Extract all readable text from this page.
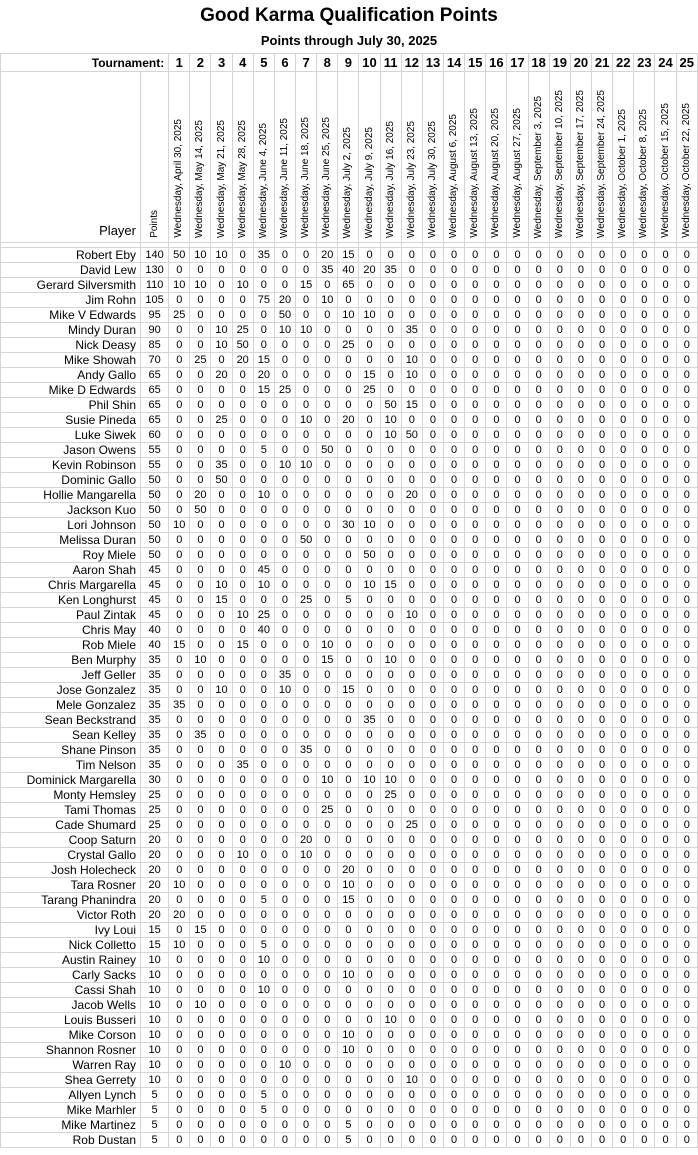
Good Karma Qualification Points
Points through July 30, 2025
Tournament:		1	2	3	4	5	6	7	8	9	10	11	12	13	14	15	16	17	18	19	20	21	22	23	24	25

Player	Points	Wednesday, April 30, 2025	Wednesday, May 14, 2025	Wednesday, May 21, 2025	Wednesday, May 28, 2025	Wednesday, June 4, 2025	Wednesday, June 11, 2025	Wednesday, June 18, 2025	Wednesday, June 25, 2025	Wednesday, July 2, 2025	Wednesday, July 9, 2025	Wednesday, July 16, 2025	Wednesday, July 23, 2025	Wednesday, July 30, 2025	Wednesday, August 6, 2025	Wednesday, August 13, 2025	Wednesday, August 20, 2025	Wednesday, August 27, 2025	Wednesday, September 3, 2025	Wednesday, September 10, 2025	Wednesday, September 17, 2025	Wednesday, September 24, 2025	Wednesday, October 1, 2025	Wednesday, October 8, 2025	Wednesday, October 15, 2025	Wednesday, October 22, 2025

Robert Eby	140	50	10	10	0	35	0	0	20	15	0	0	0	0	0	0	0	0	0	0	0	0	0	0	0	0
David Lew	130	0	0	0	0	0	0	0	35	40	20	35	0	0	0	0	0	0	0	0	0	0	0	0	0	0
Gerard Silversmith	110	10	10	0	10	0	0	15	0	65	0	0	0	0	0	0	0	0	0	0	0	0	0	0	0	0
Jim Rohn	105	0	0	0	0	75	20	0	10	0	0	0	0	0	0	0	0	0	0	0	0	0	0	0	0	0
Mike V Edwards	95	25	0	0	0	0	50	0	0	10	10	0	0	0	0	0	0	0	0	0	0	0	0	0	0	0
Mindy Duran	90	0	0	10	25	0	10	10	0	0	0	0	35	0	0	0	0	0	0	0	0	0	0	0	0	0
Nick Deasy	85	0	0	10	50	0	0	0	0	25	0	0	0	0	0	0	0	0	0	0	0	0	0	0	0	0
Mike Showah	70	0	25	0	20	15	0	0	0	0	0	0	10	0	0	0	0	0	0	0	0	0	0	0	0	0
Andy Gallo	65	0	0	20	0	20	0	0	0	0	15	0	10	0	0	0	0	0	0	0	0	0	0	0	0	0
Mike D Edwards	65	0	0	0	0	15	25	0	0	0	25	0	0	0	0	0	0	0	0	0	0	0	0	0	0	0
Phil Shin	65	0	0	0	0	0	0	0	0	0	0	50	15	0	0	0	0	0	0	0	0	0	0	0	0	0
Susie Pineda	65	0	0	25	0	0	0	10	0	20	0	10	0	0	0	0	0	0	0	0	0	0	0	0	0	0
Luke Siwek	60	0	0	0	0	0	0	0	0	0	0	10	50	0	0	0	0	0	0	0	0	0	0	0	0	0
Jason Owens	55	0	0	0	0	5	0	0	50	0	0	0	0	0	0	0	0	0	0	0	0	0	0	0	0	0
Kevin Robinson	55	0	0	35	0	0	10	10	0	0	0	0	0	0	0	0	0	0	0	0	0	0	0	0	0	0
Dominic Gallo	50	0	0	50	0	0	0	0	0	0	0	0	0	0	0	0	0	0	0	0	0	0	0	0	0	0
Hollie Mangarella	50	0	20	0	0	10	0	0	0	0	0	0	20	0	0	0	0	0	0	0	0	0	0	0	0	0
Jackson Kuo	50	0	50	0	0	0	0	0	0	0	0	0	0	0	0	0	0	0	0	0	0	0	0	0	0	0
Lori Johnson	50	10	0	0	0	0	0	0	0	30	10	0	0	0	0	0	0	0	0	0	0	0	0	0	0	0
Melissa Duran	50	0	0	0	0	0	0	50	0	0	0	0	0	0	0	0	0	0	0	0	0	0	0	0	0	0
Roy Miele	50	0	0	0	0	0	0	0	0	0	50	0	0	0	0	0	0	0	0	0	0	0	0	0	0	0
Aaron Shah	45	0	0	0	0	45	0	0	0	0	0	0	0	0	0	0	0	0	0	0	0	0	0	0	0	0
Chris Margarella	45	0	0	10	0	10	0	0	0	0	10	15	0	0	0	0	0	0	0	0	0	0	0	0	0	0
Ken Longhurst	45	0	0	15	0	0	0	25	0	5	0	0	0	0	0	0	0	0	0	0	0	0	0	0	0	0
Paul Zintak	45	0	0	0	10	25	0	0	0	0	0	0	10	0	0	0	0	0	0	0	0	0	0	0	0	0
Chris May	40	0	0	0	0	40	0	0	0	0	0	0	0	0	0	0	0	0	0	0	0	0	0	0	0	0
Rob Miele	40	15	0	0	15	0	0	0	10	0	0	0	0	0	0	0	0	0	0	0	0	0	0	0	0	0
Ben Murphy	35	0	10	0	0	0	0	0	15	0	0	10	0	0	0	0	0	0	0	0	0	0	0	0	0	0
Jeff Geller	35	0	0	0	0	0	35	0	0	0	0	0	0	0	0	0	0	0	0	0	0	0	0	0	0	0
Jose Gonzalez	35	0	0	10	0	0	10	0	0	15	0	0	0	0	0	0	0	0	0	0	0	0	0	0	0	0
Mele Gonzalez	35	35	0	0	0	0	0	0	0	0	0	0	0	0	0	0	0	0	0	0	0	0	0	0	0	0
Sean Beckstrand	35	0	0	0	0	0	0	0	0	0	35	0	0	0	0	0	0	0	0	0	0	0	0	0	0	0
Sean Kelley	35	0	35	0	0	0	0	0	0	0	0	0	0	0	0	0	0	0	0	0	0	0	0	0	0	0
Shane Pinson	35	0	0	0	0	0	0	35	0	0	0	0	0	0	0	0	0	0	0	0	0	0	0	0	0	0
Tim Nelson	35	0	0	0	35	0	0	0	0	0	0	0	0	0	0	0	0	0	0	0	0	0	0	0	0	0
Dominick Margarella	30	0	0	0	0	0	0	0	10	0	10	10	0	0	0	0	0	0	0	0	0	0	0	0	0	0
Monty Hemsley	25	0	0	0	0	0	0	0	0	0	0	25	0	0	0	0	0	0	0	0	0	0	0	0	0	0
Tami Thomas	25	0	0	0	0	0	0	0	25	0	0	0	0	0	0	0	0	0	0	0	0	0	0	0	0	0
Cade Shumard	25	0	0	0	0	0	0	0	0	0	0	0	25	0	0	0	0	0	0	0	0	0	0	0	0	0
Coop Saturn	20	0	0	0	0	0	0	20	0	0	0	0	0	0	0	0	0	0	0	0	0	0	0	0	0	0
Crystal Gallo	20	0	0	0	10	0	0	10	0	0	0	0	0	0	0	0	0	0	0	0	0	0	0	0	0	0
Josh Holecheck	20	0	0	0	0	0	0	0	0	20	0	0	0	0	0	0	0	0	0	0	0	0	0	0	0	0
Tara Rosner	20	10	0	0	0	0	0	0	0	10	0	0	0	0	0	0	0	0	0	0	0	0	0	0	0	0
Tarang Phanindra	20	0	0	0	0	5	0	0	0	15	0	0	0	0	0	0	0	0	0	0	0	0	0	0	0	0
Victor Roth	20	20	0	0	0	0	0	0	0	0	0	0	0	0	0	0	0	0	0	0	0	0	0	0	0	0
Ivy Loui	15	0	15	0	0	0	0	0	0	0	0	0	0	0	0	0	0	0	0	0	0	0	0	0	0	0
Nick Colletto	15	10	0	0	0	5	0	0	0	0	0	0	0	0	0	0	0	0	0	0	0	0	0	0	0	0
Austin Rainey	10	0	0	0	0	10	0	0	0	0	0	0	0	0	0	0	0	0	0	0	0	0	0	0	0	0
Carly Sacks	10	0	0	0	0	0	0	0	0	10	0	0	0	0	0	0	0	0	0	0	0	0	0	0	0	0
Cassi Shah	10	0	0	0	0	10	0	0	0	0	0	0	0	0	0	0	0	0	0	0	0	0	0	0	0	0
Jacob Wells	10	0	10	0	0	0	0	0	0	0	0	0	0	0	0	0	0	0	0	0	0	0	0	0	0	0
Louis Busseri	10	0	0	0	0	0	0	0	0	0	0	10	0	0	0	0	0	0	0	0	0	0	0	0	0	0
Mike Corson	10	0	0	0	0	0	0	0	0	10	0	0	0	0	0	0	0	0	0	0	0	0	0	0	0	0
Shannon Rosner	10	0	0	0	0	0	0	0	0	10	0	0	0	0	0	0	0	0	0	0	0	0	0	0	0	0
Warren Ray	10	0	0	0	0	0	10	0	0	0	0	0	0	0	0	0	0	0	0	0	0	0	0	0	0	0
Shea Gerrety	10	0	0	0	0	0	0	0	0	0	0	0	10	0	0	0	0	0	0	0	0	0	0	0	0	0
Allyen Lynch	5	0	0	0	0	5	0	0	0	0	0	0	0	0	0	0	0	0	0	0	0	0	0	0	0	0
Mike Marhler	5	0	0	0	0	5	0	0	0	0	0	0	0	0	0	0	0	0	0	0	0	0	0	0	0	0
Mike Martinez	5	0	0	0	0	0	0	0	0	5	0	0	0	0	0	0	0	0	0	0	0	0	0	0	0	0
Rob Dustan	5	0	0	0	0	0	0	0	0	5	0	0	0	0	0	0	0	0	0	0	0	0	0	0	0	0
